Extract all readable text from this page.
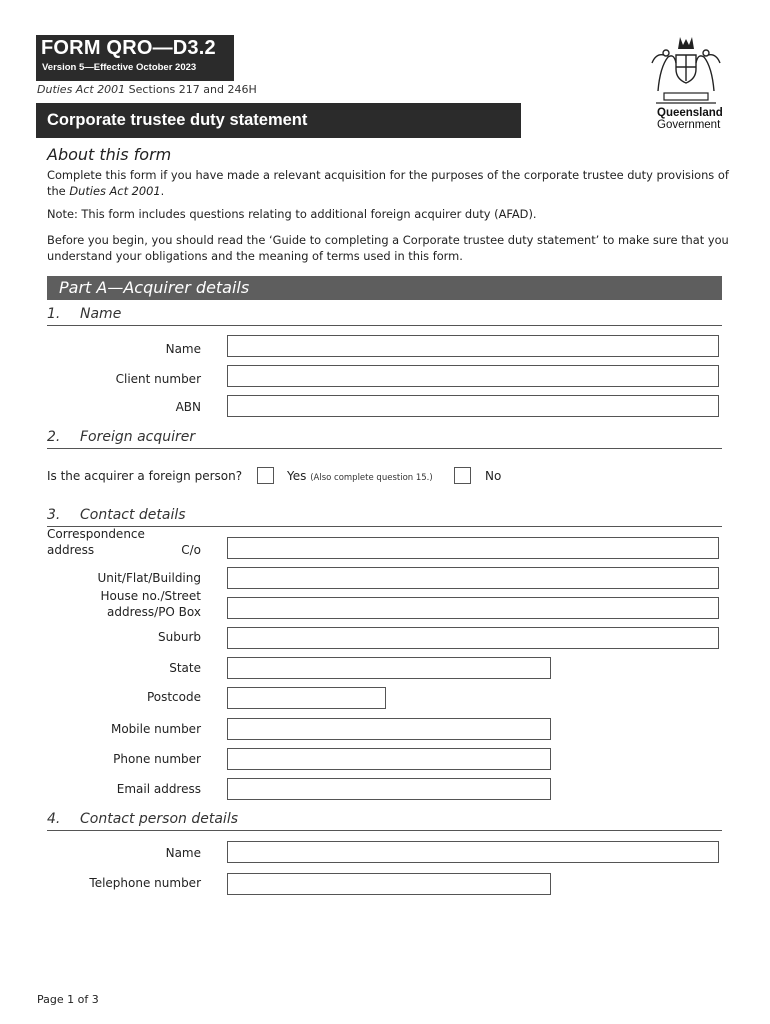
FORM QRO—D3.2
Version 5—Effective October 2023
Duties Act 2001 Sections 217 and 246H
Corporate trustee duty statement	Queensland
Government
About this form
Complete this form if you have made a relevant acquisition for the purposes of the corporate trustee duty provisions of the Duties Act 2001.
Note: This form includes questions relating to additional foreign acquirer duty (AFAD).
Before you begin, you should read the ‘Guide to completing a Corporate trustee duty statement’ to make sure that you understand your obligations and the meaning of terms used in this form.
Part A—Acquirer details
1. Name
Name
Client number
ABN
2. Foreign acquirer
Is the acquirer a foreign person?	Yes (Also complete question 15.)	No
3. Contact details
Correspondence
address	C/o
Unit/Flat/Building
House no./Street
address/PO Box
Suburb
State
Postcode
Mobile number
Phone number
Email address
4. Contact person details
Name
Telephone number
Page 1 of 3
